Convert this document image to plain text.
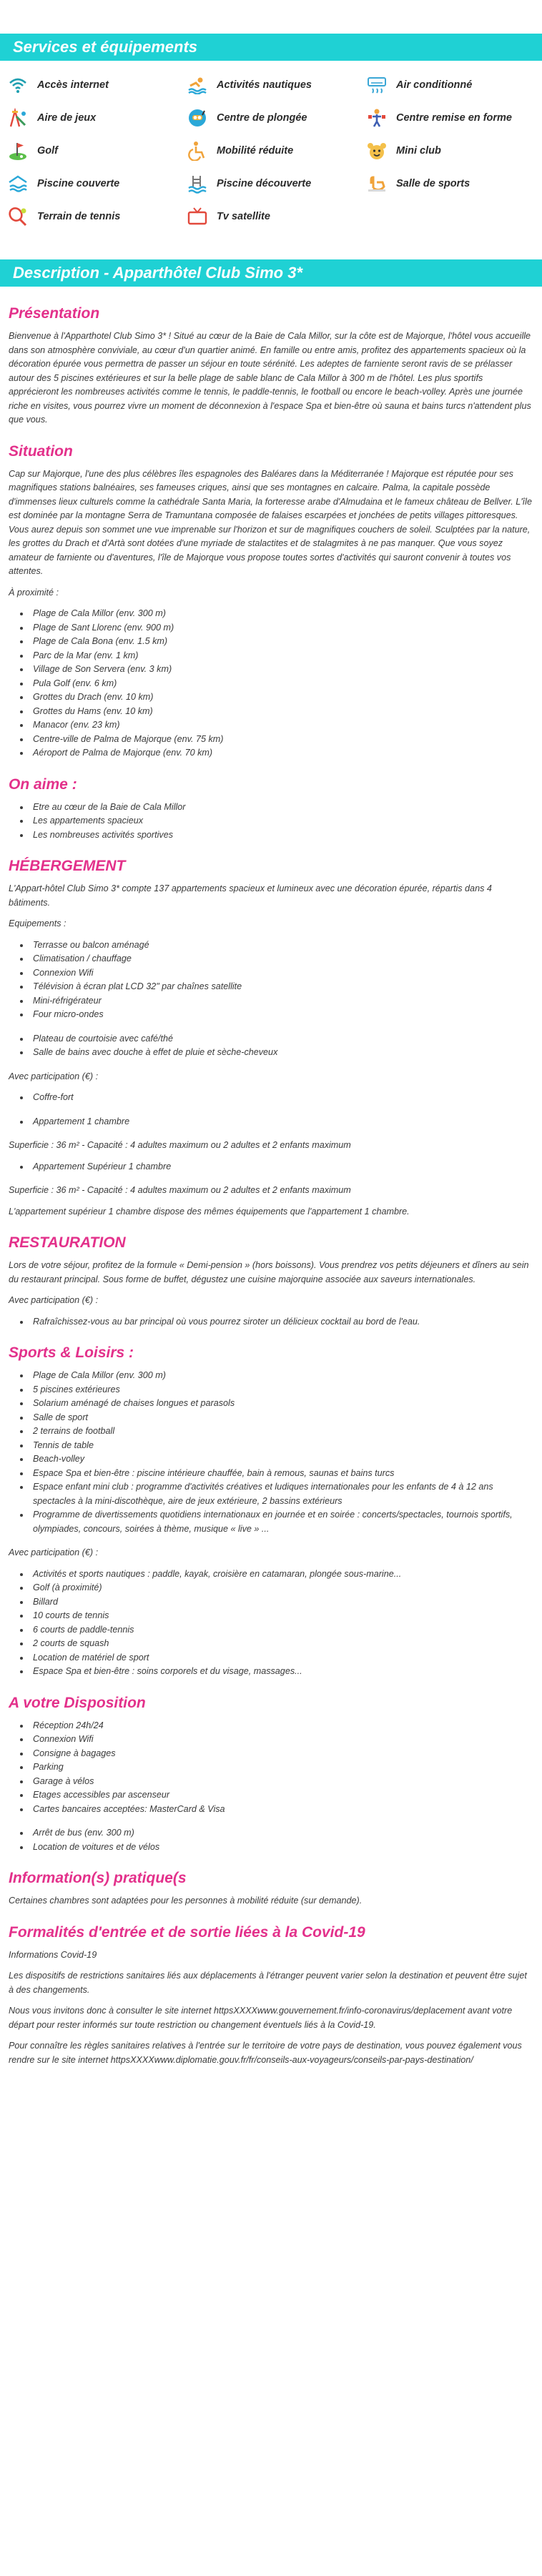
Services et équipements
Accès internet	Activités nautiques	Air conditionné
Aire de jeux	Centre de plongée	Centre remise en forme
Golf	Mobilité réduite	Mini club
Piscine couverte	Piscine découverte	Salle de sports
Terrain de tennis	Tv satellite
Description - Apparthôtel Club Simo 3*
Présentation

Bienvenue à l'Apparthotel Club Simo 3* ! Situé au cœur de la Baie de Cala Millor, sur la côte est de Majorque, l'hôtel vous accueille dans son atmosphère conviviale, au cœur d'un quartier animé. En famille ou entre amis, profitez des appartements spacieux où la décoration épurée vous permettra de passer un séjour en toute sérénité. Les adeptes de farniente seront ravis de se prélasser autour des 5 piscines extérieures et sur la belle plage de sable blanc de Cala Millor à 300 m de l'hôtel. Les plus sportifs apprécieront les nombreuses activités comme le tennis, le paddle-tennis, le football ou encore le beach-volley. Après une journée riche en visites, vous pourrez vivre un moment de déconnexion à l'espace Spa et bien-être où sauna et bains turcs n'attendent plus que vous.

Situation

Cap sur Majorque, l'une des plus célèbres îles espagnoles des Baléares dans la Méditerranée ! Majorque est réputée pour ses magnifiques stations balnéaires, ses fameuses criques, ainsi que ses montagnes en calcaire. Palma, la capitale possède d'immenses lieux culturels comme la cathédrale Santa Maria, la forteresse arabe d'Almudaina et le fameux château de Bellver. L'île est dominée par la montagne Serra de Tramuntana composée de falaises escarpées et jonchées de petits villages pittoresques. Vous aurez depuis son sommet une vue imprenable sur l'horizon et sur de magnifiques couchers de soleil. Sculptées par la nature, les grottes du Drach et d'Artà sont dotées d'une myriade de stalactites et de stalagmites à ne pas manquer. Que vous soyez amateur de farniente ou d'aventures, l'île de Majorque vous propose toutes sortes d'activités qui sauront convenir à toutes vos attentes.

À proximité :

• Plage de Cala Millor (env. 300 m)
• Plage de Sant Llorenc (env. 900 m)
• Plage de Cala Bona (env. 1.5 km)
• Parc de la Mar (env. 1 km)
• Village de Son Servera (env. 3 km)
• Pula Golf (env. 6 km)
• Grottes du Drach (env. 10 km)
• Grottes du Hams (env. 10 km)
• Manacor (env. 23 km)
• Centre-ville de Palma de Majorque (env. 75 km)
• Aéroport de Palma de Majorque (env. 70 km)
On aime :
• Etre au cœur de la Baie de Cala Millor
• Les appartements spacieux
• Les nombreuses activités sportives
HÉBERGEMENT

L'Appart-hôtel Club Simo 3* compte 137 appartements spacieux et lumineux avec une décoration épurée, répartis dans 4 bâtiments.

Equipements :

• Terrasse ou balcon aménagé
• Climatisation / chauffage
• Connexion Wifi
• Télévision à écran plat LCD 32" par chaînes satellite
• Mini-réfrigérateur
• Four micro-ondes
• Plateau de courtoisie avec café/thé
• Salle de bains avec douche à effet de pluie et sèche-cheveux

Avec participation (€) :

• Coffre-fort
• Appartement 1 chambre

Superficie : 36 m² - Capacité : 4 adultes maximum ou 2 adultes et 2 enfants maximum

• Appartement Supérieur 1 chambre

Superficie : 36 m² - Capacité : 4 adultes maximum ou 2 adultes et 2 enfants maximum

L'appartement supérieur 1 chambre dispose des mêmes équipements que l'appartement 1 chambre.

RESTAURATION

Lors de votre séjour, profitez de la formule « Demi-pension » (hors boissons). Vous prendrez vos petits déjeuners et dîners au sein du restaurant principal. Sous forme de buffet, dégustez une cuisine majorquine associée aux saveurs internationales.

Avec participation (€) :

• Rafraîchissez-vous au bar principal où vous pourrez siroter un délicieux cocktail au bord de l'eau.
Sports & Loisirs :
• Plage de Cala Millor (env. 300 m)
• 5 piscines extérieures
• Solarium aménagé de chaises longues et parasols
• Salle de sport
• 2 terrains de football
• Tennis de table
• Beach-volley
• Espace Spa et bien-être : piscine intérieure chauffée, bain à remous, saunas et bains turcs
• Espace enfant mini club : programme d'activités créatives et ludiques internationales pour les enfants de 4 à 12 ans spectacles à la mini-discothèque, aire de jeux extérieure, 2 bassins extérieurs
• Programme de divertissements quotidiens internationaux en journée et en soirée : concerts/spectacles, tournois sportifs, olympiades, concours, soirées à thème, musique « live » ...

Avec participation (€) :

• Activités et sports nautiques : paddle, kayak, croisière en catamaran, plongée sous-marine...
• Golf (à proximité)
• Billard
• 10 courts de tennis
• 6 courts de paddle-tennis
• 2 courts de squash
• Location de matériel de sport
• Espace Spa et bien-être : soins corporels et du visage, massages...
A votre Disposition
• Réception 24h/24
• Connexion Wifi
• Consigne à bagages
• Parking
• Garage à vélos
• Etages accessibles par ascenseur
• Cartes bancaires acceptées: MasterCard & Visa
• Arrêt de bus (env. 300 m)
• Location de voitures et de vélos
Information(s) pratique(s

Certaines chambres sont adaptées pour les personnes à mobilité réduite (sur demande).

Formalités d'entrée et de sortie liées à la Covid-19

Informations Covid-19

Les dispositifs de restrictions sanitaires liés aux déplacements à l'étranger peuvent varier selon la destination et peuvent être sujet à des changements.

Nous vous invitons donc à consulter le site internet httpsXXXXwww.gouvernement.fr/info-coronavirus/deplacement avant votre départ pour rester informés sur toute restriction ou changement éventuels liés à la Covid-19.

Pour connaître les règles sanitaires relatives à l'entrée sur le territoire de votre pays de destination, vous pouvez également vous rendre sur le site internet httpsXXXXwww.diplomatie.gouv.fr/fr/conseils-aux-voyageurs/conseils-par-pays-destination/
